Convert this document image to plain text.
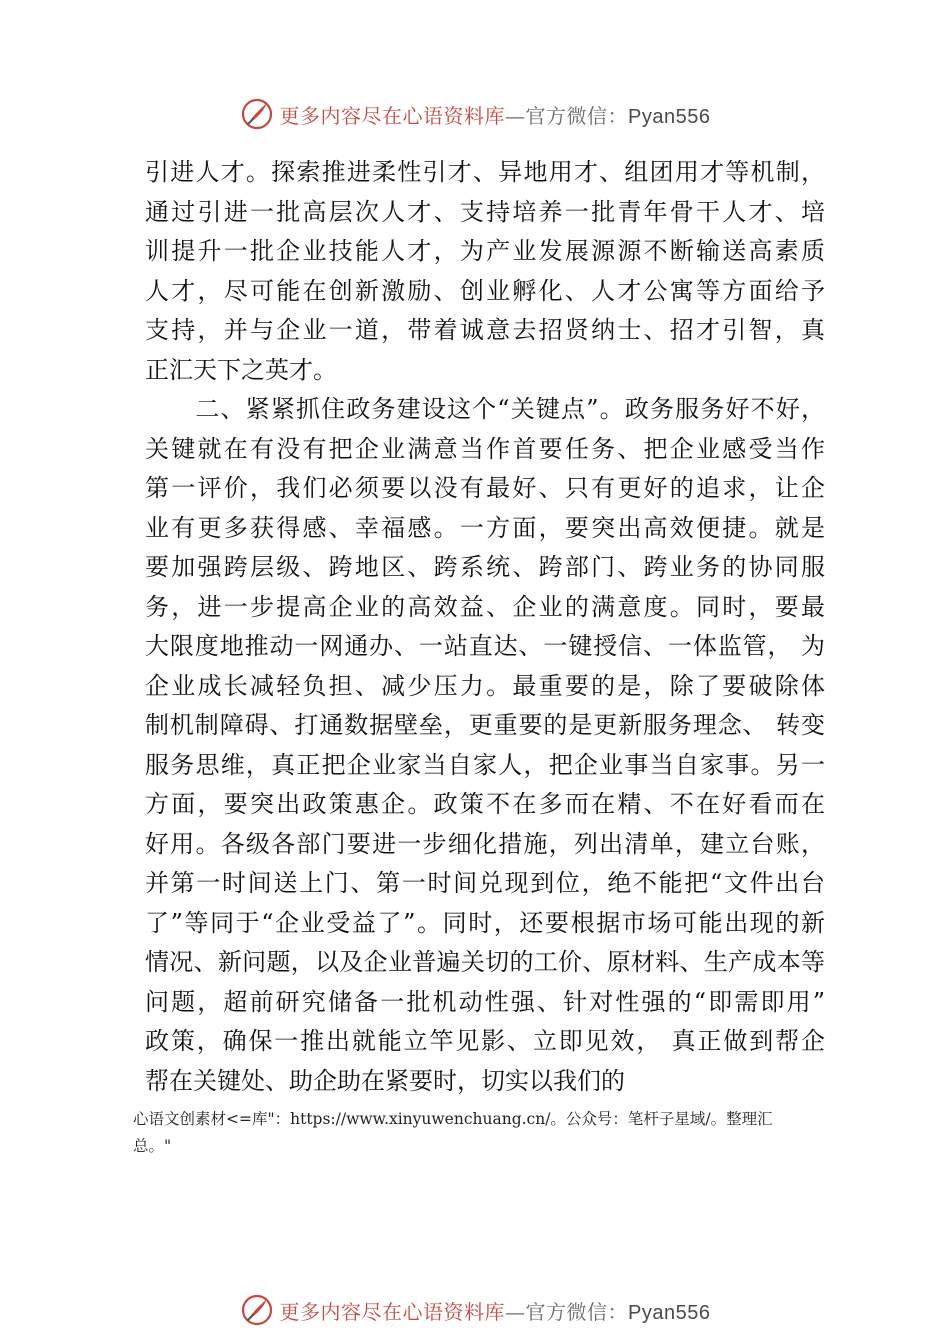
更多内容尽在心语资料库—官方微信：Pyan556
引进人才。探索推进柔性引才、异地用才、组团用才等机制，
通过引进一批高层次人才、支持培养一批青年骨干人才、培
训提升一批企业技能人才，为产业发展源源不断输送高素质
人才，尽可能在创新激励、创业孵化、人才公寓等方面给予
支持，并与企业一道，带着诚意去招贤纳士、招才引智，真
正汇天下之英才。
　　二、紧紧抓住政务建设这个“关键点”。政务服务好不好，
关键就在有没有把企业满意当作首要任务、把企业感受当作
第一评价，我们必须要以没有最好、只有更好的追求，让企
业有更多获得感、幸福感。一方面，要突出高效便捷。就是
要加强跨层级、跨地区、跨系统、跨部门、跨业务的协同服
务，进一步提高企业的高效益、企业的满意度。同时，要最
大限度地推动一网通办、一站直达、一键授信、一体监管， 为
企业成长减轻负担、减少压力。最重要的是，除了要破除体
制机制障碍、打通数据壁垒，更重要的是更新服务理念、 转变
服务思维，真正把企业家当自家人，把企业事当自家事。另一
方面，要突出政策惠企。政策不在多而在精、不在好看而在
好用。各级各部门要进一步细化措施，列出清单，建立台账，
并第一时间送上门、第一时间兑现到位，绝不能把“文件出台
了”等同于“企业受益了”。同时，还要根据市场可能出现的新
情况、新问题，以及企业普遍关切的工价、原材料、生产成本等
问题，超前研究储备一批机动性强、针对性强的“即需即用”
政策，确保一推出就能立竿见影、立即见效， 真正做到帮企
帮在关键处、助企助在紧要时，切实以我们的
心语文创素材<=库"：https://www.xinyuwenchuang.cn/。公众号：笔杆子星域/。整理汇
总。"
更多内容尽在心语资料库—官方微信：Pyan556
